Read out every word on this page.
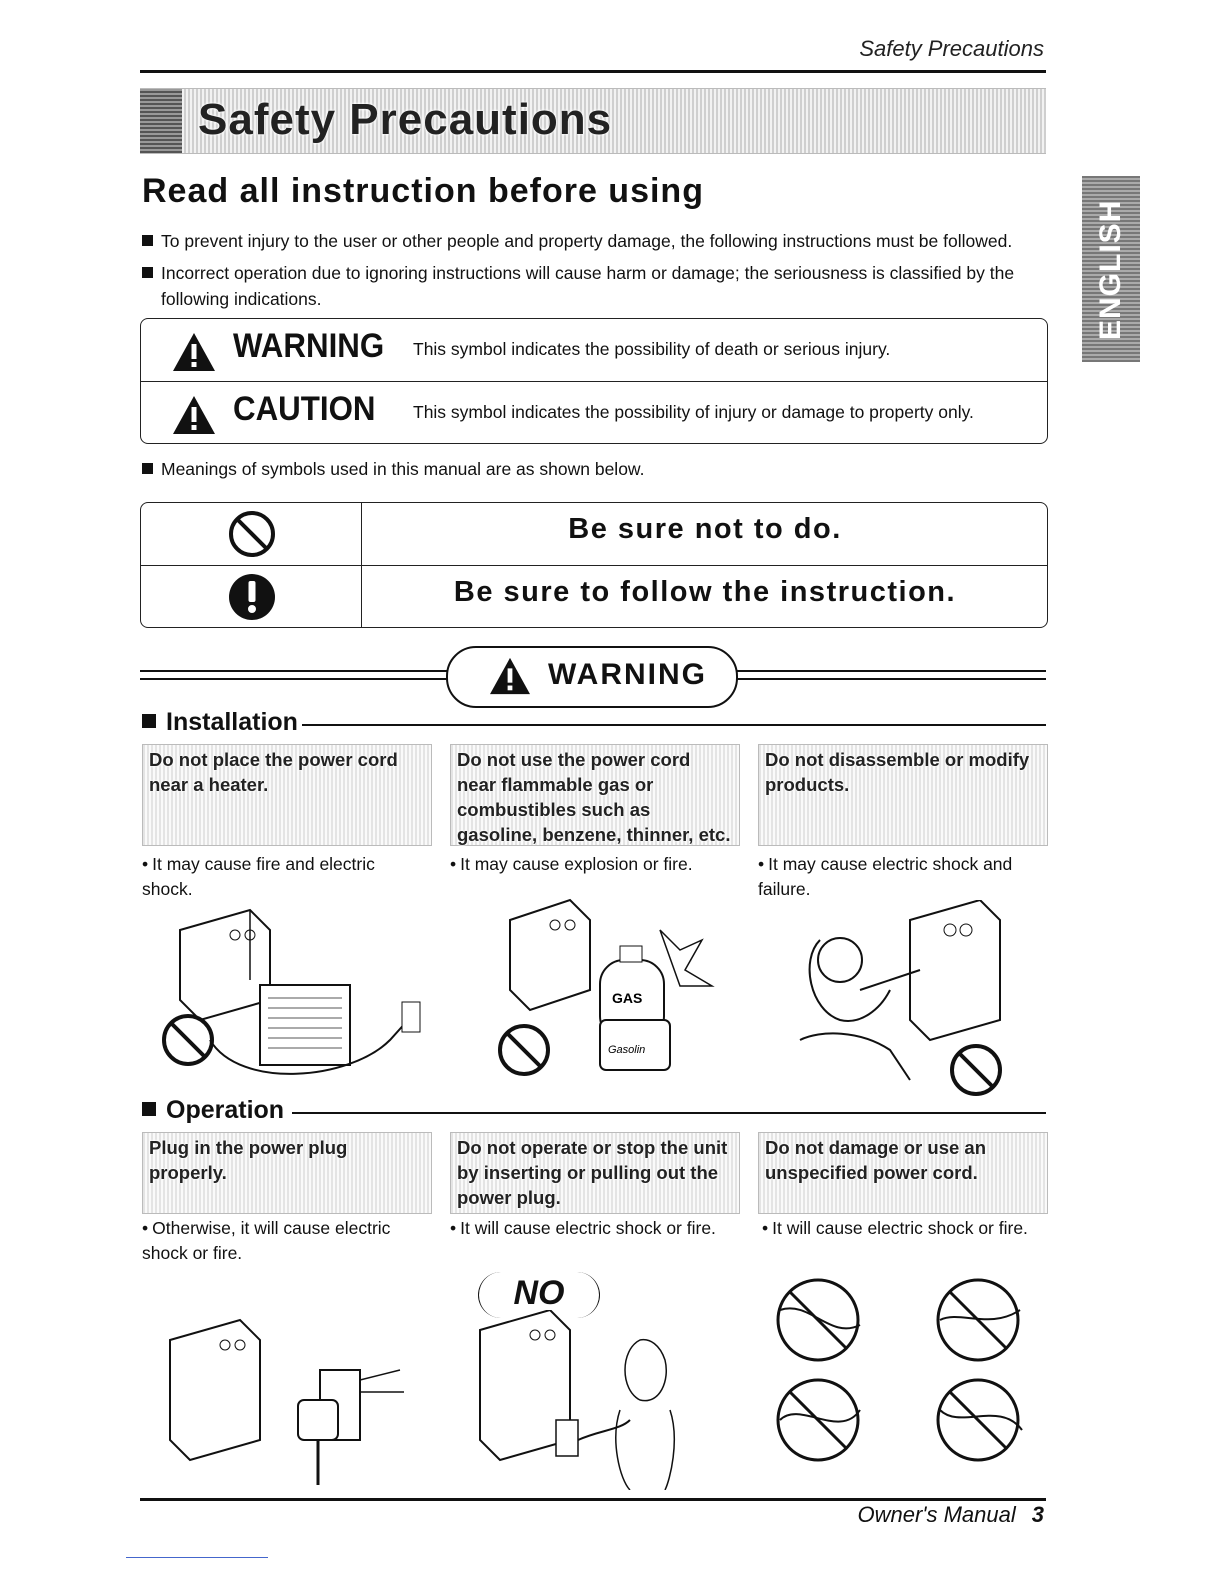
Safety Precautions
Safety Precautions
ENGLISH
Read all instruction before using
To prevent injury to the user or other people and property damage, the following instructions must be followed.
Incorrect operation due to ignoring instructions will cause harm or damage; the seriousness is classified by the
following indications.
WARNING This symbol indicates the possibility of death or serious injury.
CAUTION This symbol indicates the possibility of injury or damage to property only.
Meanings of symbols used in this manual are as shown below.
Be sure not to do.
Be sure to follow the instruction.
WARNING
Installation
Do not place the power cord near a heater.
Do not use the power cord near flammable gas or combustibles such as gasoline, benzene, thinner, etc.
Do not disassemble or modify products.
• It may cause fire and electric shock.
• It may cause explosion or fire.	• It may cause electric shock and failure.
GAS
Gasolin
Operation
Plug in the power plug properly.
Do not operate or stop the unit by inserting or pulling out the power plug.
Do not damage or use an unspecified power cord.
• Otherwise, it will cause electric shock or fire.
• It will cause electric shock or fire.	• It will cause electric shock or fire.
NO
Owner's Manual 3
